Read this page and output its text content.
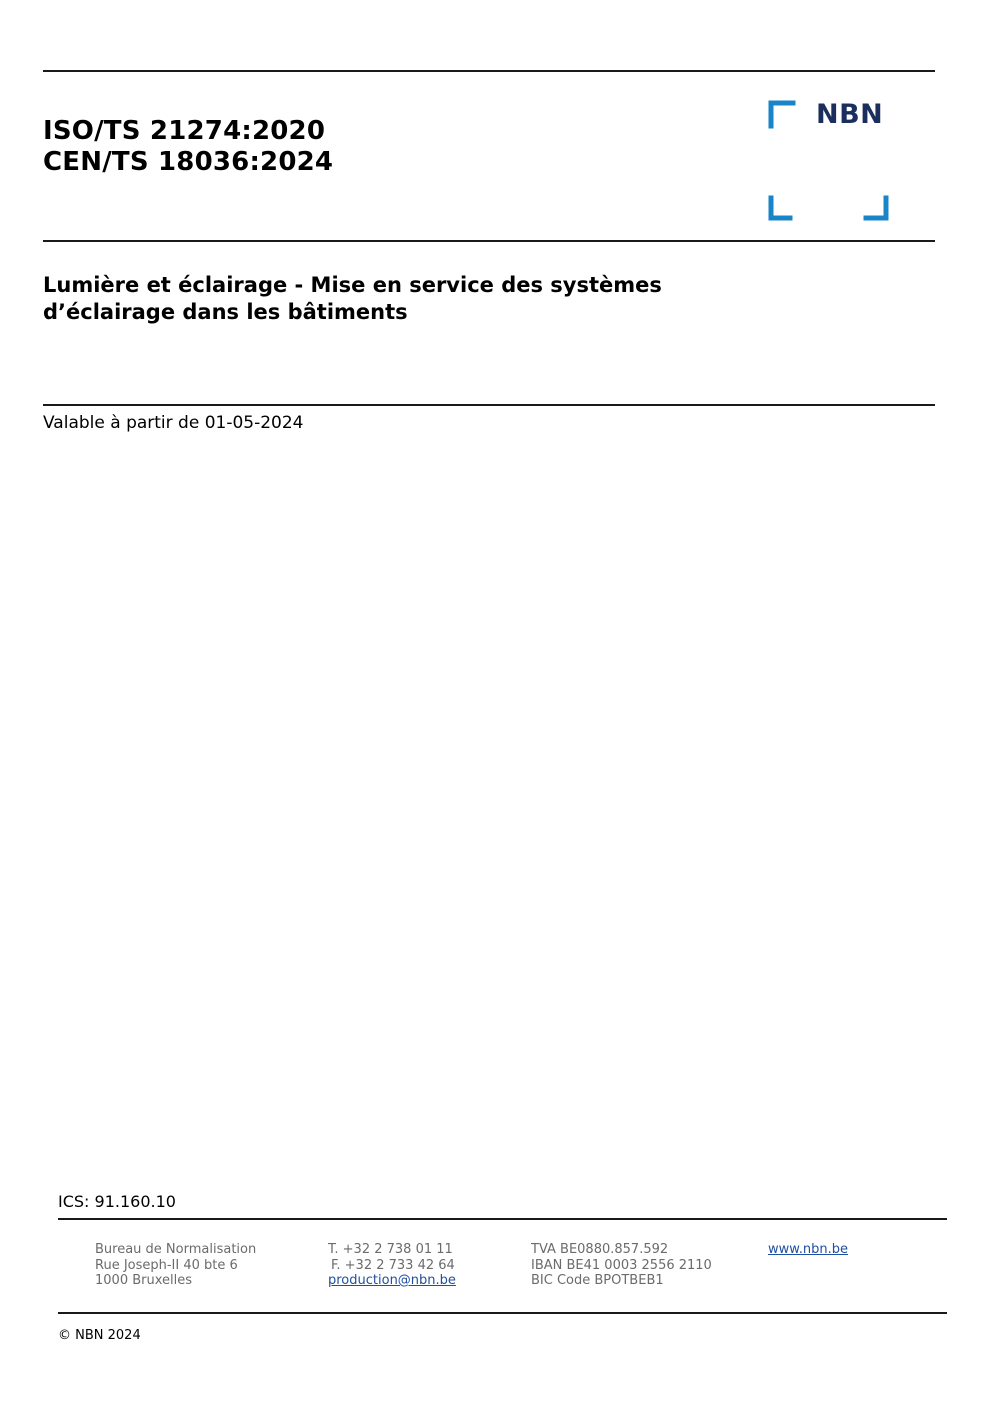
ISO/TS 21274:2020
CEN/TS 18036:2024
NBN
Lumière et éclairage - Mise en service des systèmes
d’éclairage dans les bâtiments
Valable à partir de 01-05-2024
ICS: 91.160.10
Bureau de Normalisation
Rue Joseph-II 40 bte 6
1000 Bruxelles
T. +32 2 738 01 11
F. +32 2 733 42 64
production@nbn.be
TVA BE0880.857.592
IBAN BE41 0003 2556 2110
BIC Code BPOTBEB1
www.nbn.be
© NBN 2024
